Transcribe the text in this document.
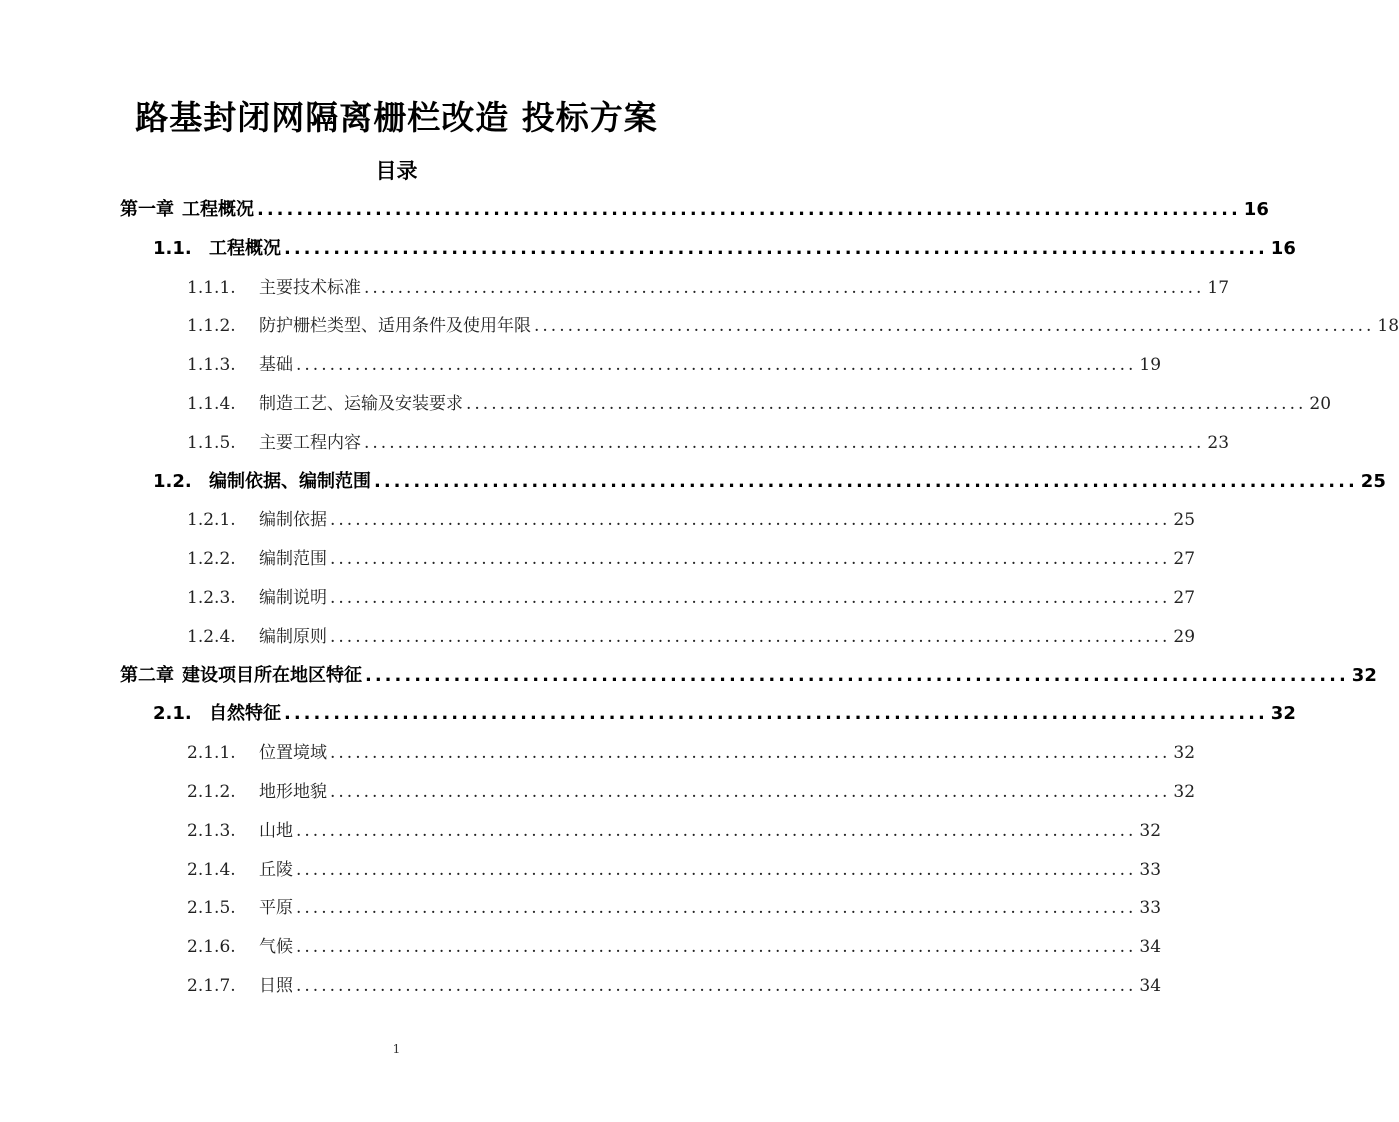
路基封闭网隔离栅栏改造 投标方案
目录
第一章 工程概况 .................................................................................................... 16
1.1. 工程概况 .................................................................................................... 16
1.1.1. 主要技术标准 .................................................................................................... 17
1.1.2. 防护栅栏类型、适用条件及使用年限 .................................................................................................... 18
1.1.3. 基础 .................................................................................................... 19
1.1.4. 制造工艺、运输及安装要求 .................................................................................................... 20
1.1.5. 主要工程内容 .................................................................................................... 23
1.2. 编制依据、编制范围 .................................................................................................... 25
1.2.1. 编制依据 .................................................................................................... 25
1.2.2. 编制范围 .................................................................................................... 27
1.2.3. 编制说明 .................................................................................................... 27
1.2.4. 编制原则 .................................................................................................... 29
第二章 建设项目所在地区特征 .................................................................................................... 32
2.1. 自然特征 .................................................................................................... 32
2.1.1. 位置境域 .................................................................................................... 32
2.1.2. 地形地貌 .................................................................................................... 32
2.1.3. 山地 .................................................................................................... 32
2.1.4. 丘陵 .................................................................................................... 33
2.1.5. 平原 .................................................................................................... 33
2.1.6. 气候 .................................................................................................... 34
2.1.7. 日照 .................................................................................................... 34
1
